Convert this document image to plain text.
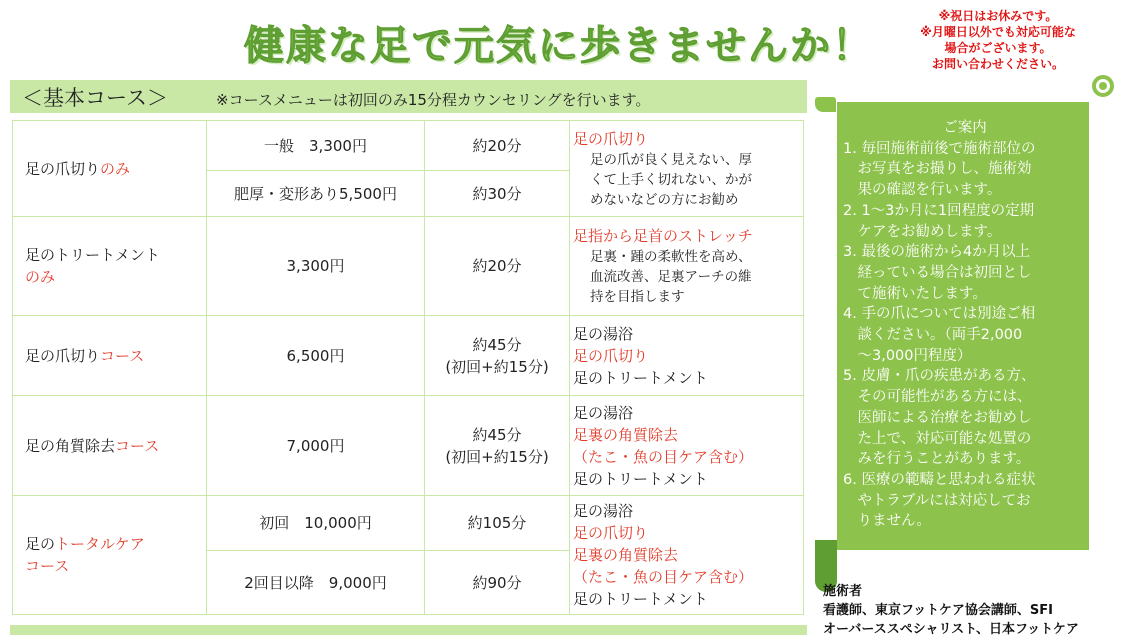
健康な足で元気に歩きませんか！
※祝日はお休みです。
※月曜日以外でも対応可能な
場合がございます。
お問い合わせください。
＜基本コース＞	※コースメニューは初回のみ15分程カウンセリングを行います。
足の爪切りのみ	一般　3,300円	約20分	足の爪切り
足の爪が良く見えない、厚
くて上手く切れない、かが
めないなどの方にお勧め

	肥厚・変形あり5,500円	約30分	

足のトリートメント
のみ	3,300円	約20分	足指から足首のストレッチ
足裏・踵の柔軟性を高め、
血流改善、足裏アーチの維
持を目指します

足の爪切りコース	6,500円	約45分
(初回+約15分)	足の湯浴
足の爪切り
足のトリートメント

足の角質除去コース	7,000円	約45分
(初回+約15分)	足の湯浴
足裏の角質除去
（たこ・魚の目ケア含む）
足のトリートメント

足のトータルケア
コース	初回　10,000円	約105分	足の湯浴
足の爪切り
足裏の角質除去
（たこ・魚の目ケア含む）
足のトリートメント

	2回目以降　9,000円	約90分	
ご案内
1. 毎回施術前後で施術部位の
　お写真をお撮りし、施術効
　果の確認を行います。
2. 1～3か月に1回程度の定期
　ケアをお勧めします。
3. 最後の施術から4か月以上
　経っている場合は初回とし
　て施術いたします。
4. 手の爪については別途ご相
　談ください。（両手2,000
　～3,000円程度）
5. 皮膚・爪の疾患がある方、
　その可能性がある方には、
　医師による治療をお勧めし
　た上で、対応可能な処置の
　みを行うことがあります。
6. 医療の範疇と思われる症状
　やトラブルには対応してお
　りません。
施術者
看護師、東京フットケア協会講師、SFI
オーバーススペシャリスト、日本フットケア
